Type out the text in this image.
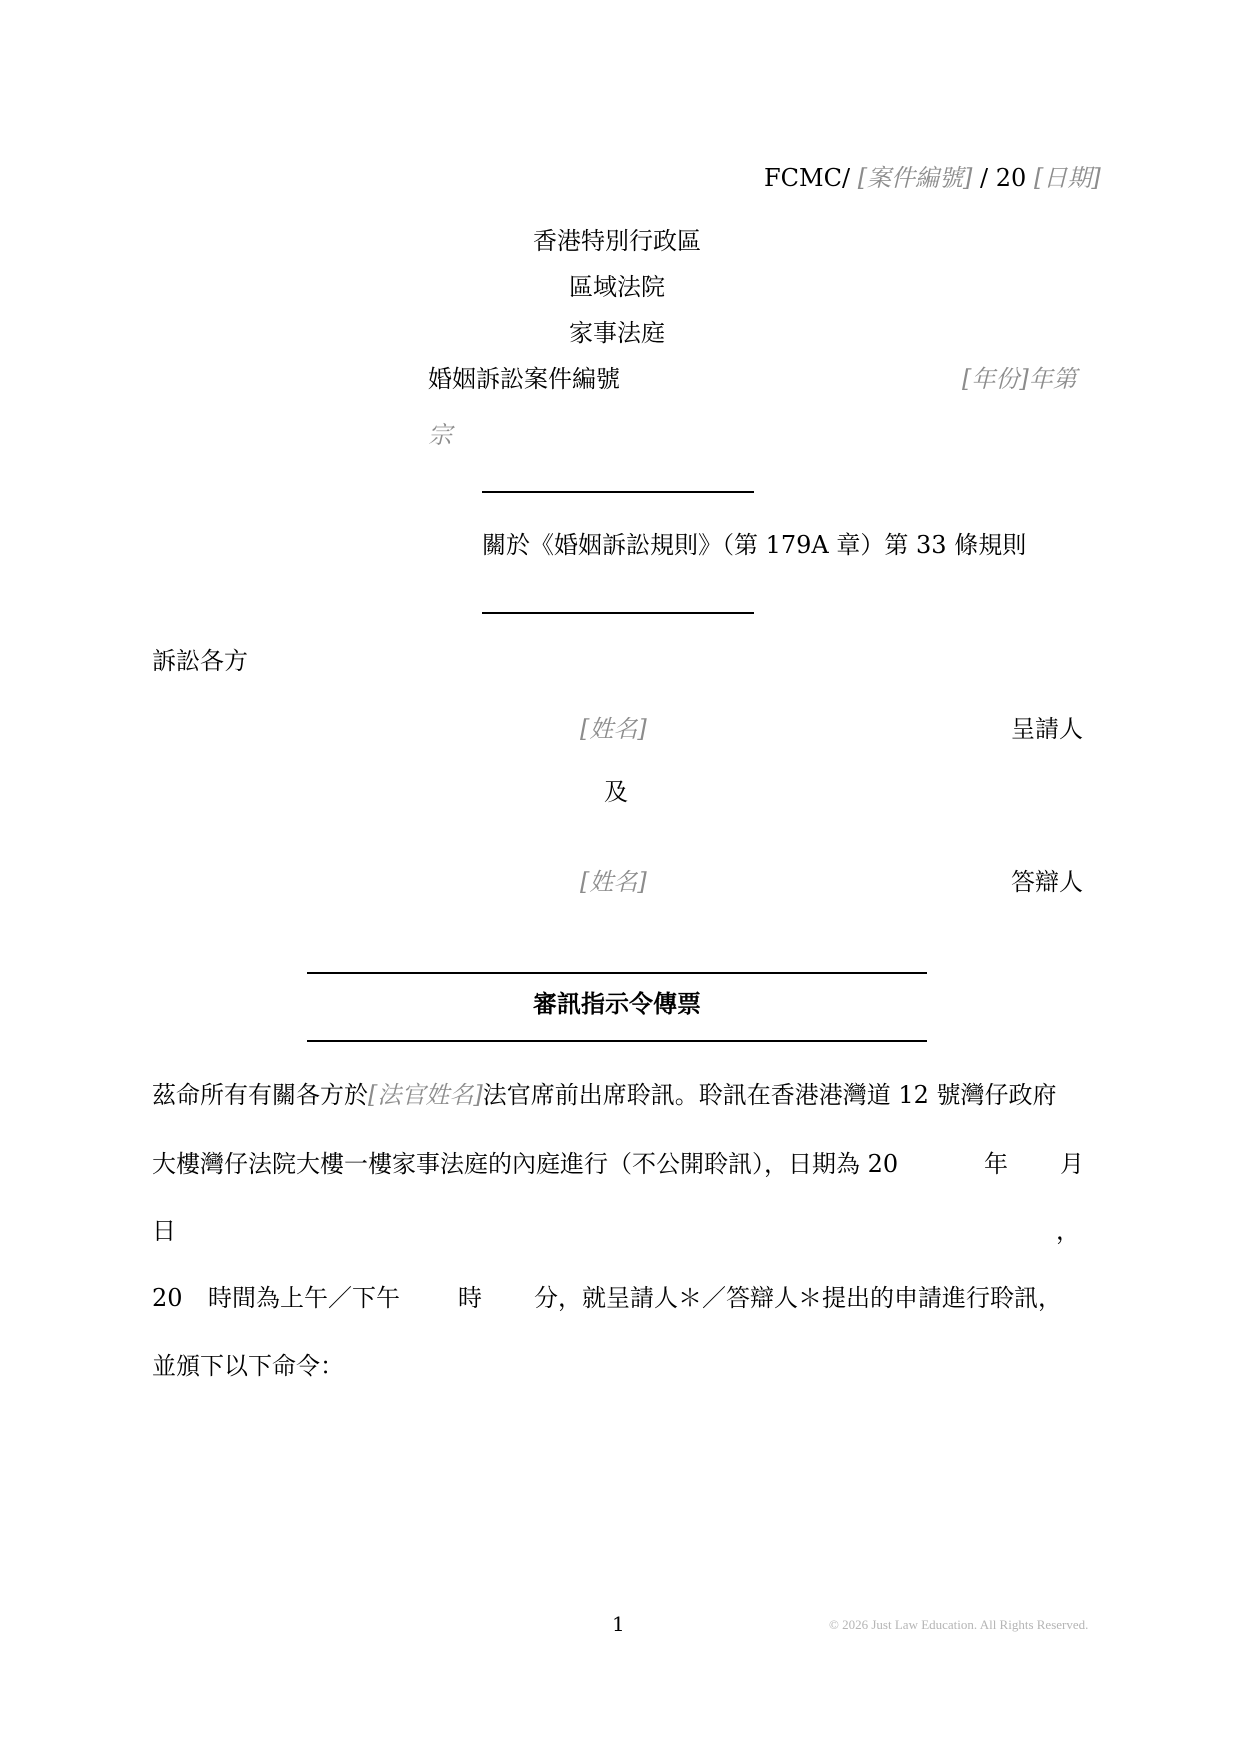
FCMC/ [案件編號] / 20 [日期]
香港特別行政區
區域法院
家事法庭
婚姻訴訟案件編號	[年份]年第
宗
關於《婚姻訴訟規則》（第 179A 章）第 33 條規則
訴訟各方
[姓名]	呈請人
及
[姓名]	答辯人
審訊指示令傳票
茲命所有有關各方於[法官姓名]法官席前出席聆訊。聆訊在香港港灣道 12 號灣仔政府
大樓灣仔法院大樓一樓家事法庭的內庭進行（不公開聆訊），日期為 20	年 月
日	，
20 時間為上午／下午 時 分，就呈請人＊／答辯人＊提出的申請進行聆訊，
並頒下以下命令：
1	© 2026 Just Law Education. All Rights Reserved.
